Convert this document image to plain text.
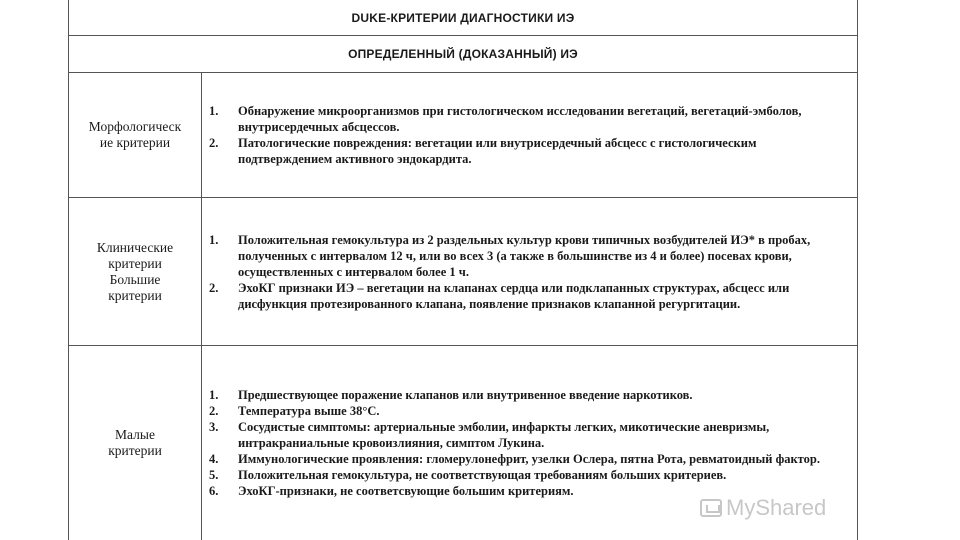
DUKE-КРИТЕРИИ ДИАГНОСТИКИ ИЭ
ОПРЕДЕЛЕННЫЙ (ДОКАЗАННЫЙ) ИЭ
Морфологическ
ие критерии
1.	Обнаружение микроорганизмов при гистологическом исследовании вегетаций, вегетаций-эмболов, внутрисердечных абсцессов.
2.	Патологические повреждения: вегетации или внутрисердечный абсцесс с гистологическим подтверждением активного эндокардита.
Клинические
критерии
Большие
критерии
1.	Положительная гемокультура из 2 раздельных культур крови типичных возбудителей ИЭ* в пробах, полученных с интервалом 12 ч, или во всех 3 (а также в большинстве из 4 и более) посевах крови, осуществленных с интервалом более 1 ч.
2.	ЭхоКГ признаки ИЭ – вегетации на клапанах сердца или подклапанных структурах, абсцесс или дисфункция протезированного клапана, появление признаков клапанной регургитации.
Малые
критерии
1.	Предшествующее поражение клапанов или внутривенное введение наркотиков.
2.	Температура выше 38°С.
3.	Сосудистые симптомы: артериальные эмболии, инфаркты легких, микотические аневризмы, интракраниальные кровоизлияния, симптом Лукина.
4.	Иммунологические проявления: гломерулонефрит, узелки Ослера, пятна Рота, ревматоидный фактор.
5.	Положительная гемокультура, не соответствующая требованиям больших критериев.
6.	ЭхоКГ-признаки, не соответсвующие большим критериям.
MyShared
